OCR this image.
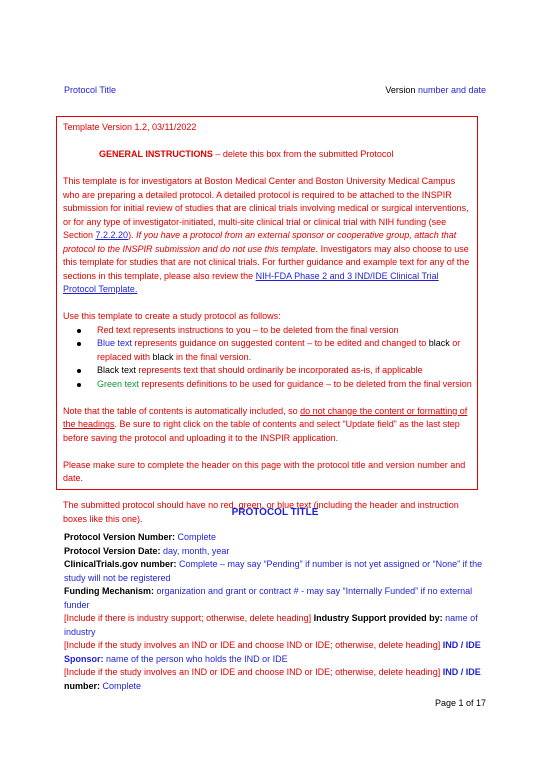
Protocol Title	Version number and date

Template Version 1.2, 03/11/2022

GENERAL INSTRUCTIONS – delete this box from the submitted Protocol

This template is for investigators at Boston Medical Center and Boston University Medical Campus who are preparing a detailed protocol. A detailed protocol is required to be attached to the INSPIR submission for initial review of studies that are clinical trials involving medical or surgical interventions, or for any type of investigator-initiated, multi-site clinical trial or clinical trial with NIH funding (see Section 7.2.2.20). If you have a protocol from an external sponsor or cooperative group, attach that protocol to the INSPIR submission and do not use this template. Investigators may also choose to use this template for studies that are not clinical trials. For further guidance and example text for any of the sections in this template, please also review the NIH-FDA Phase 2 and 3 IND/IDE Clinical Trial Protocol Template.

Use this template to create a study protocol as follows:

Red text represents instructions to you – to be deleted from the final version
Blue text represents guidance on suggested content – to be edited and changed to black or replaced with black in the final version.
Black text represents text that should ordinarily be incorporated as-is, if applicable
Green text represents definitions to be used for guidance – to be deleted from the final version

Note that the table of contents is automatically included, so do not change the content or formatting of the headings. Be sure to right click on the table of contents and select “Update field” as the last step before saving the protocol and uploading it to the INSPIR application.

Please make sure to complete the header on this page with the protocol title and version number and date.

The submitted protocol should have no red, green, or blue text (including the header and instruction boxes like this one).

PROTOCOL TITLE

Protocol Version Number: Complete

Protocol Version Date: day, month, year

ClinicalTrials.gov number: Complete – may say “Pending” if number is not yet assigned or “None” if the study will not be registered

Funding Mechanism: organization and grant or contract # - may say “Internally Funded” if no external funder

[Include if there is industry support; otherwise, delete heading] Industry Support provided by: name of industry

[Include if the study involves an IND or IDE and choose IND or IDE; otherwise, delete heading] IND / IDE Sponsor: name of the person who holds the IND or IDE

[Include if the study involves an IND or IDE and choose IND or IDE; otherwise, delete heading] IND / IDE number: Complete

Page 1 of 17
